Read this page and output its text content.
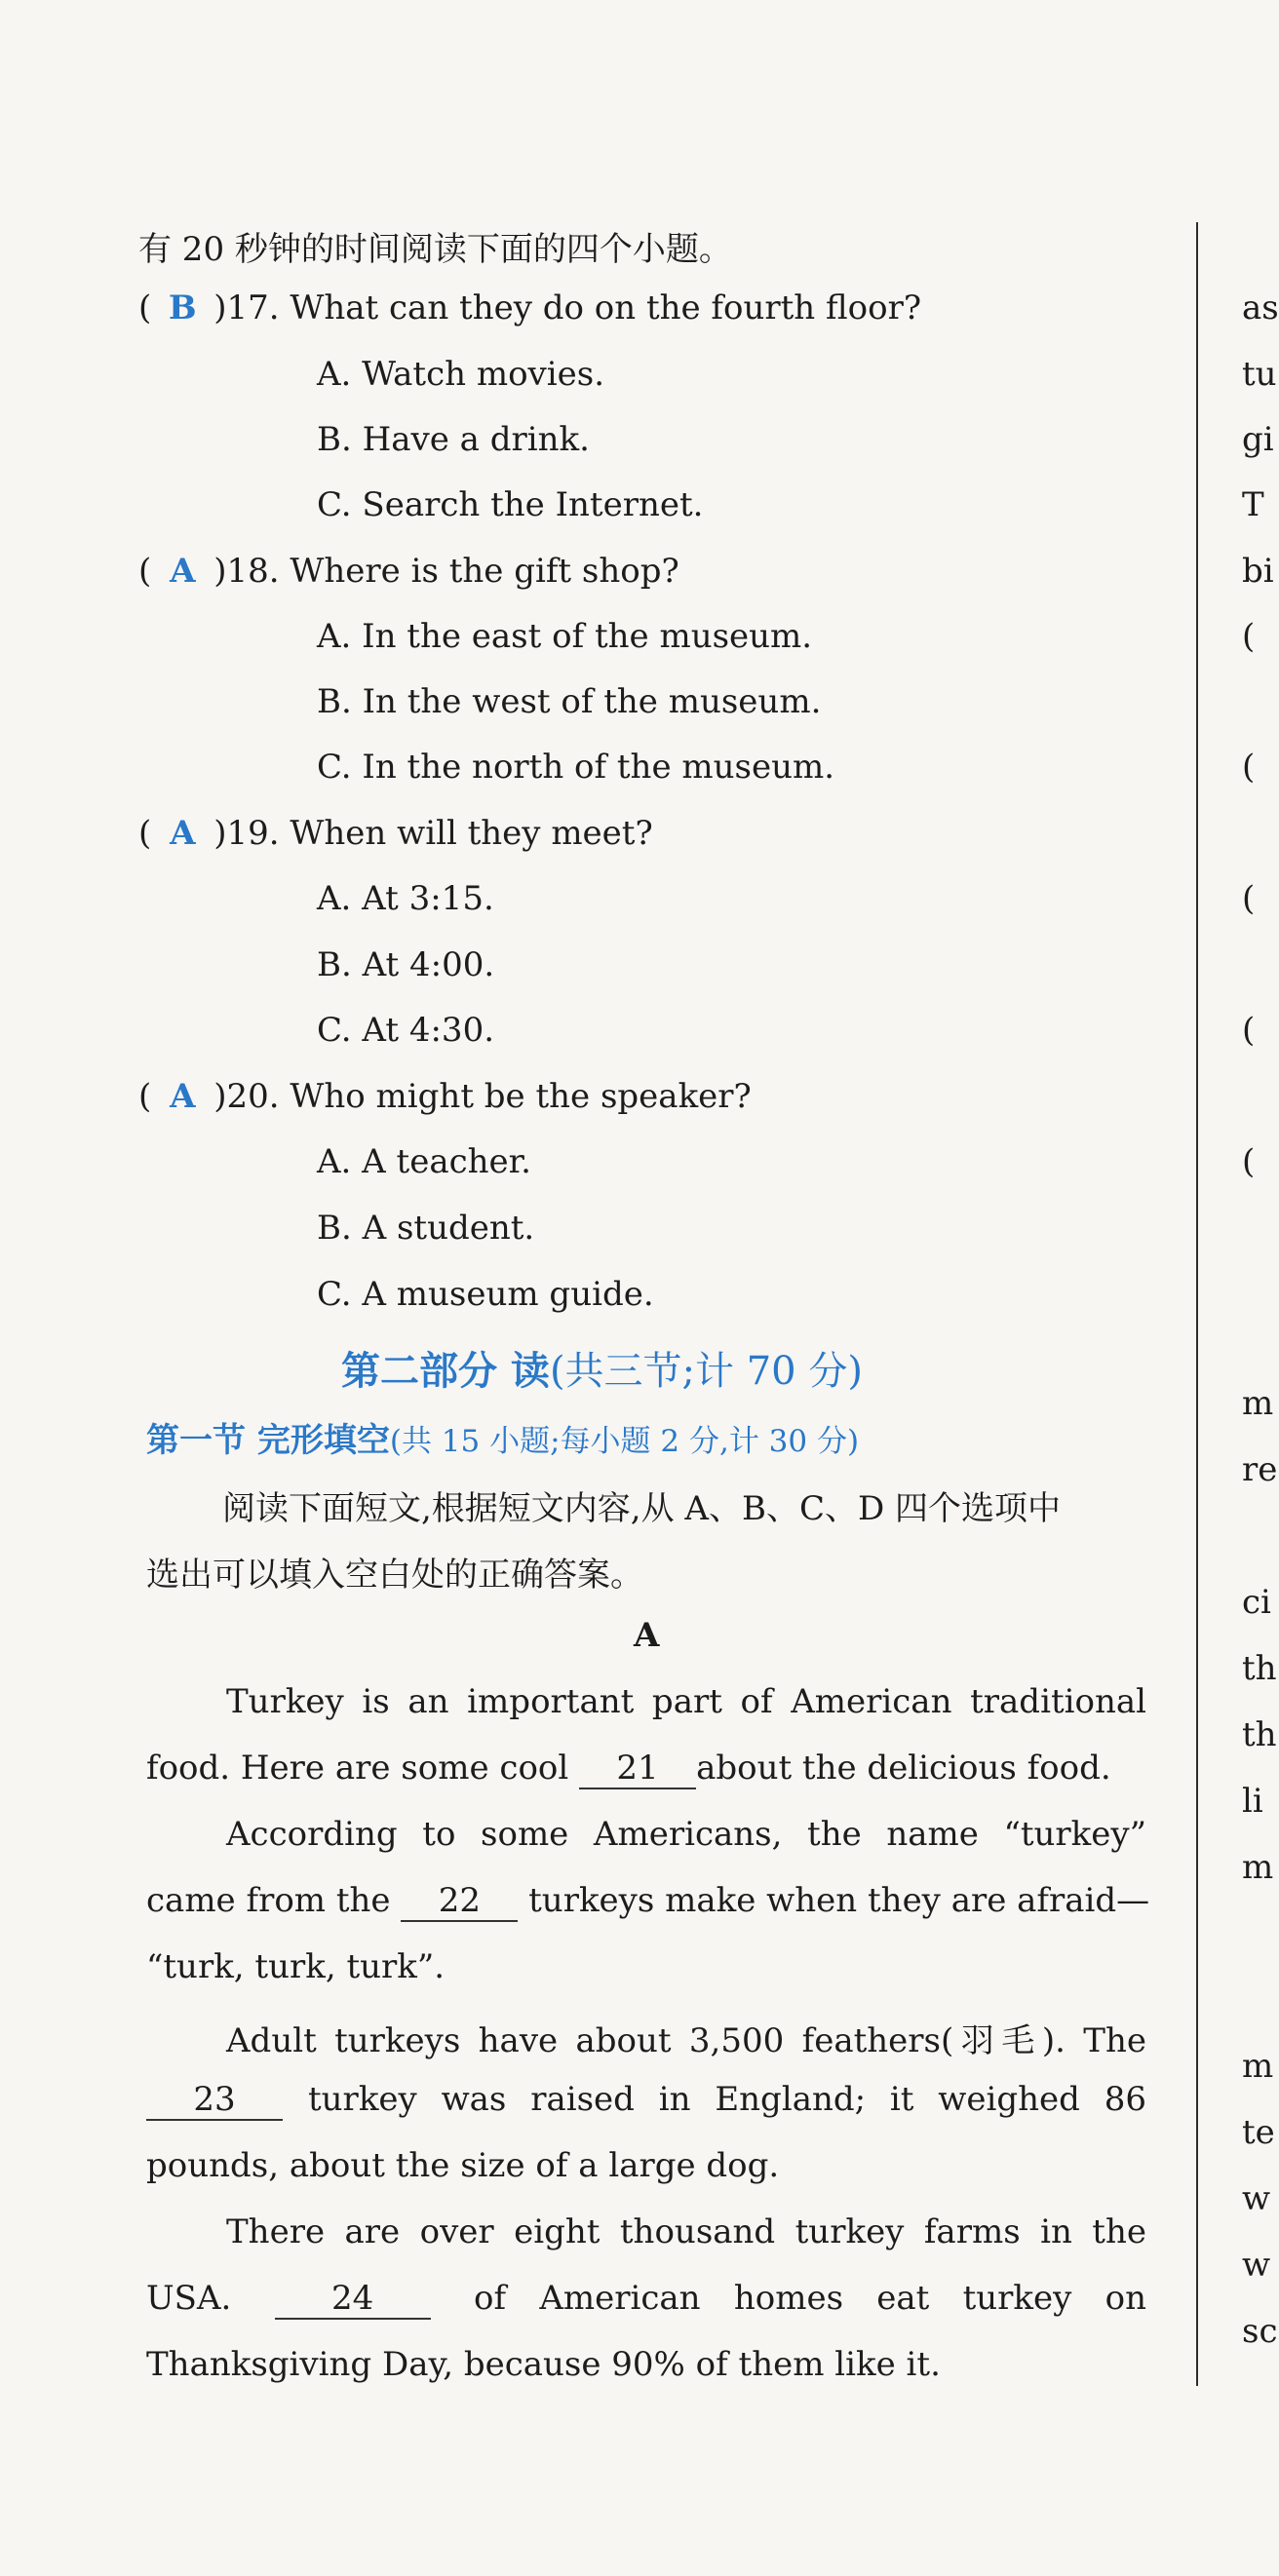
有 20 秒钟的时间阅读下面的四个小题。
( B )17. What can they do on the fourth floor?
A. Watch movies.
B. Have a drink.
C. Search the Internet.
( A )18. Where is the gift shop?
A. In the east of the museum.
B. In the west of the museum.
C. In the north of the museum.
( A )19. When will they meet?
A. At 3:15.
B. At 4:00.
C. At 4:30.
( A )20. Who might be the speaker?
A. A teacher.
B. A student.
C. A museum guide.
第二部分 读(共三节;计 70 分)
第一节 完形填空(共 15 小题;每小题 2 分,计 30 分)
阅读下面短文,根据短文内容,从 A、B、C、D 四个选项中
选出可以填入空白处的正确答案。
A
Turkey is an important part of American traditional
food. Here are some cool 21 about the delicious food.
According to some Americans, the name “turkey”
came from the 22 turkeys make when they are afraid—
“turk, turk, turk”.
Adult turkeys have about 3,500 feathers(羽毛). The
23	turkey was raised in England; it weighed 86
pounds, about the size of a large dog.
There are over eight thousand turkey farms in the
USA.	24	of American homes eat turkey on
Thanksgiving Day, because 90% of them like it.
as
tu
gi
T
bi
(
(
(
(
(
m
re
ci
th
th
li
m
m
te
w
w
sc
